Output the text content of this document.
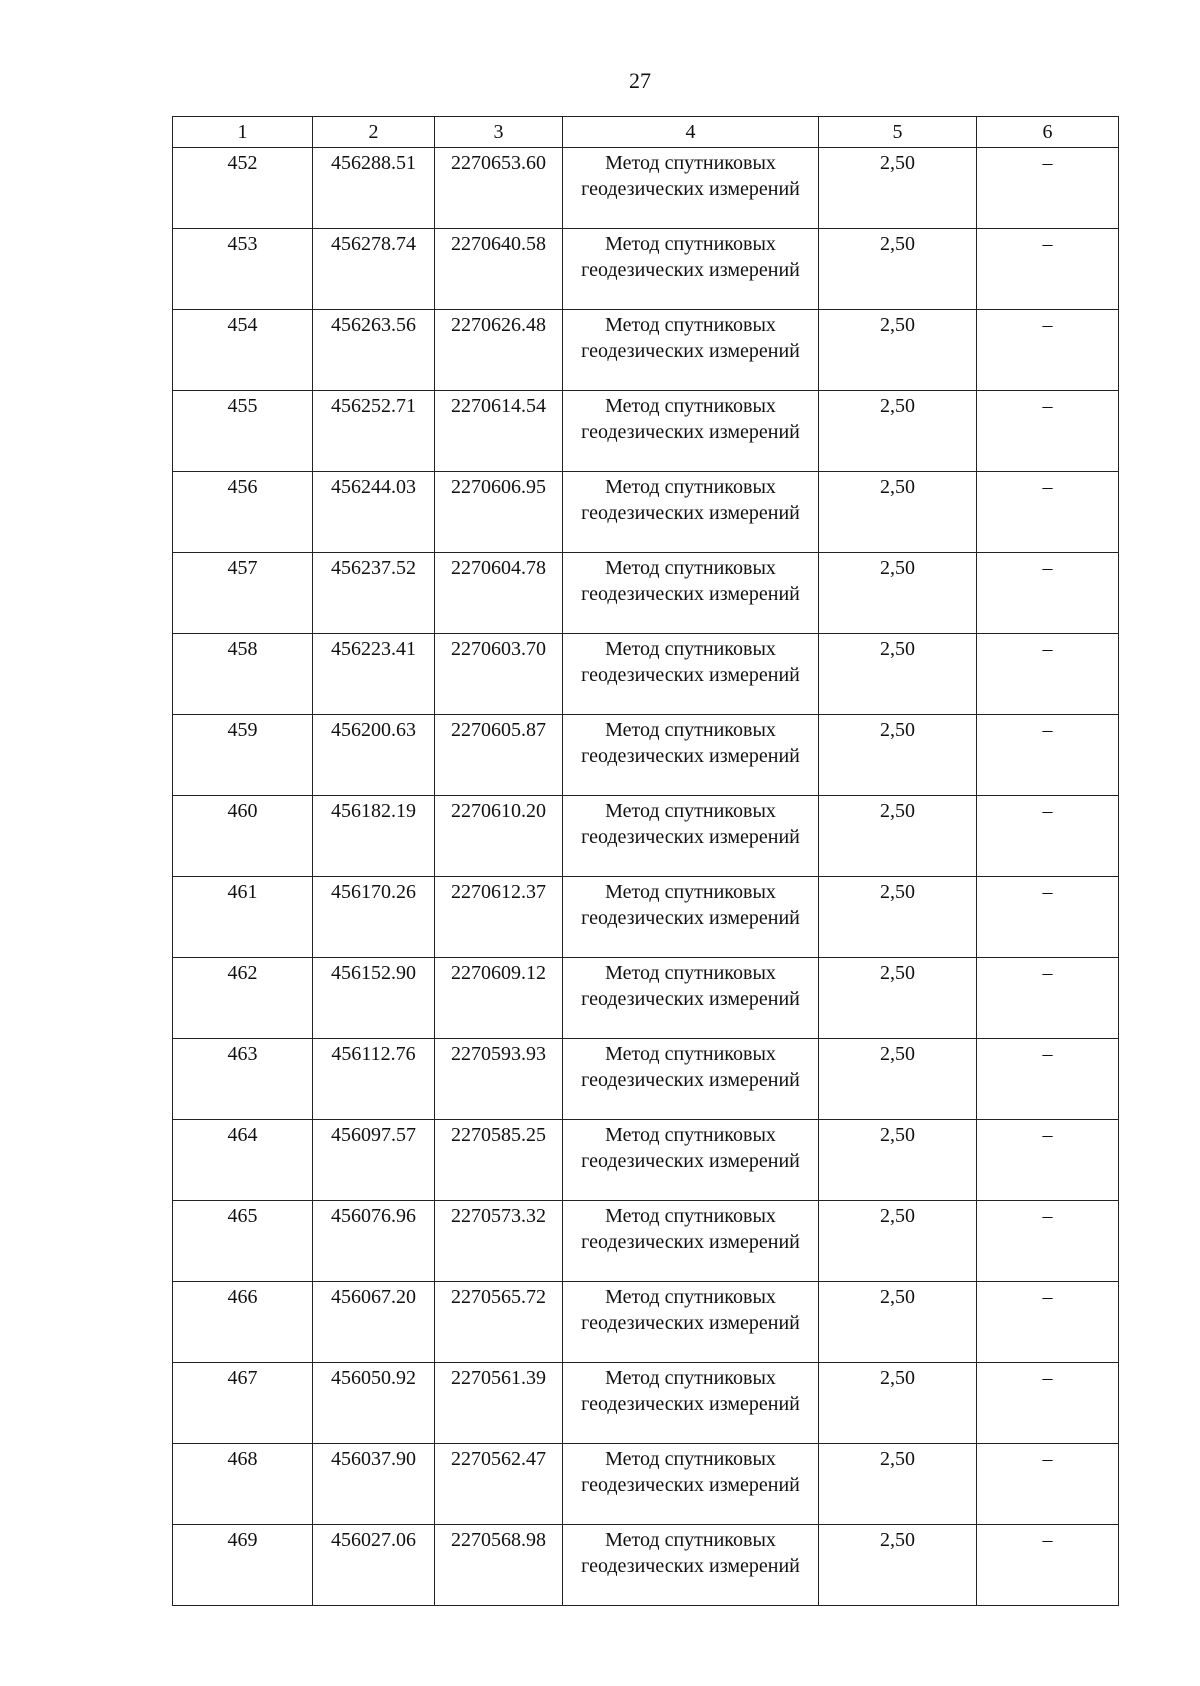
27
1	2	3	4	5	6
452	456288.51	2270653.60	Метод спутниковых геодезических измерений	2,50	–
453	456278.74	2270640.58	Метод спутниковых геодезических измерений	2,50	–
454	456263.56	2270626.48	Метод спутниковых геодезических измерений	2,50	–
455	456252.71	2270614.54	Метод спутниковых геодезических измерений	2,50	–
456	456244.03	2270606.95	Метод спутниковых геодезических измерений	2,50	–
457	456237.52	2270604.78	Метод спутниковых геодезических измерений	2,50	–
458	456223.41	2270603.70	Метод спутниковых геодезических измерений	2,50	–
459	456200.63	2270605.87	Метод спутниковых геодезических измерений	2,50	–
460	456182.19	2270610.20	Метод спутниковых геодезических измерений	2,50	–
461	456170.26	2270612.37	Метод спутниковых геодезических измерений	2,50	–
462	456152.90	2270609.12	Метод спутниковых геодезических измерений	2,50	–
463	456112.76	2270593.93	Метод спутниковых геодезических измерений	2,50	–
464	456097.57	2270585.25	Метод спутниковых геодезических измерений	2,50	–
465	456076.96	2270573.32	Метод спутниковых геодезических измерений	2,50	–
466	456067.20	2270565.72	Метод спутниковых геодезических измерений	2,50	–
467	456050.92	2270561.39	Метод спутниковых геодезических измерений	2,50	–
468	456037.90	2270562.47	Метод спутниковых геодезических измерений	2,50	–
469	456027.06	2270568.98	Метод спутниковых геодезических измерений	2,50	–
